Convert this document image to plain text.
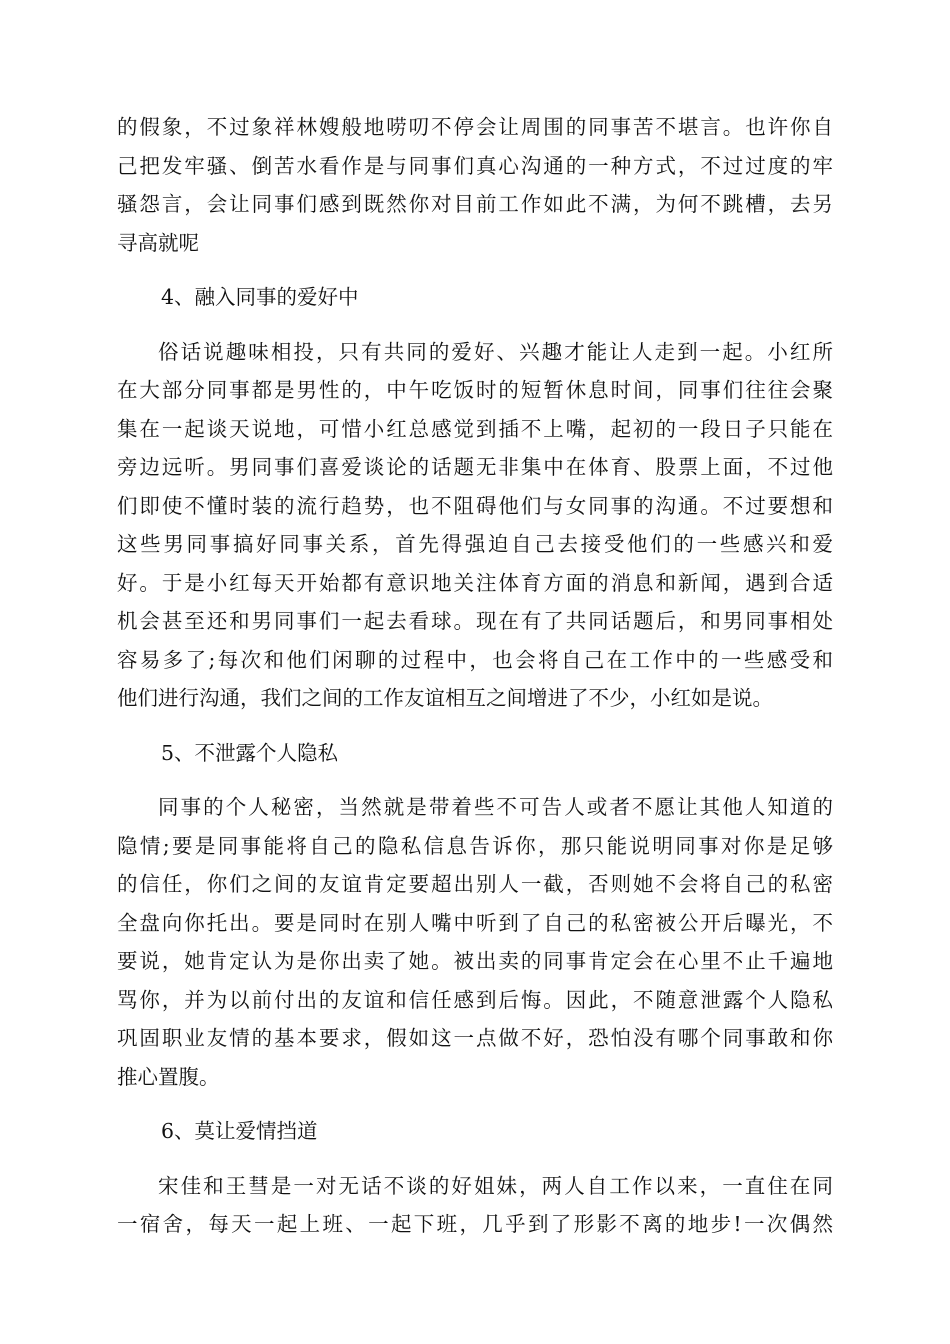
的假象，不过象祥林嫂般地唠叨不停会让周围的同事苦不堪言。也许你自
己把发牢骚、倒苦水看作是与同事们真心沟通的一种方式，不过过度的牢
骚怨言，会让同事们感到既然你对目前工作如此不满，为何不跳槽，去另
寻高就呢
4、融入同事的爱好中
俗话说趣味相投，只有共同的爱好、兴趣才能让人走到一起。小红所
在大部分同事都是男性的，中午吃饭时的短暂休息时间，同事们往往会聚
集在一起谈天说地，可惜小红总感觉到插不上嘴，起初的一段日子只能在
旁边远听。男同事们喜爱谈论的话题无非集中在体育、股票上面，不过他
们即使不懂时装的流行趋势，也不阻碍他们与女同事的沟通。不过要想和
这些男同事搞好同事关系，首先得强迫自己去接受他们的一些感兴和爱
好。于是小红每天开始都有意识地关注体育方面的消息和新闻，遇到合适
机会甚至还和男同事们一起去看球。现在有了共同话题后，和男同事相处
容易多了;每次和他们闲聊的过程中，也会将自己在工作中的一些感受和
他们进行沟通，我们之间的工作友谊相互之间增进了不少，小红如是说。
5、不泄露个人隐私
同事的个人秘密，当然就是带着些不可告人或者不愿让其他人知道的
隐情;要是同事能将自己的隐私信息告诉你，那只能说明同事对你是足够
的信任，你们之间的友谊肯定要超出别人一截，否则她不会将自己的私密
全盘向你托出。要是同时在别人嘴中听到了自己的私密被公开后曝光，不
要说，她肯定认为是你出卖了她。被出卖的同事肯定会在心里不止千遍地
骂你，并为以前付出的友谊和信任感到后悔。因此，不随意泄露个人隐私
巩固职业友情的基本要求，假如这一点做不好，恐怕没有哪个同事敢和你
推心置腹。
6、莫让爱情挡道
宋佳和王彗是一对无话不谈的好姐妹，两人自工作以来，一直住在同
一宿舍，每天一起上班、一起下班，几乎到了形影不离的地步!一次偶然
